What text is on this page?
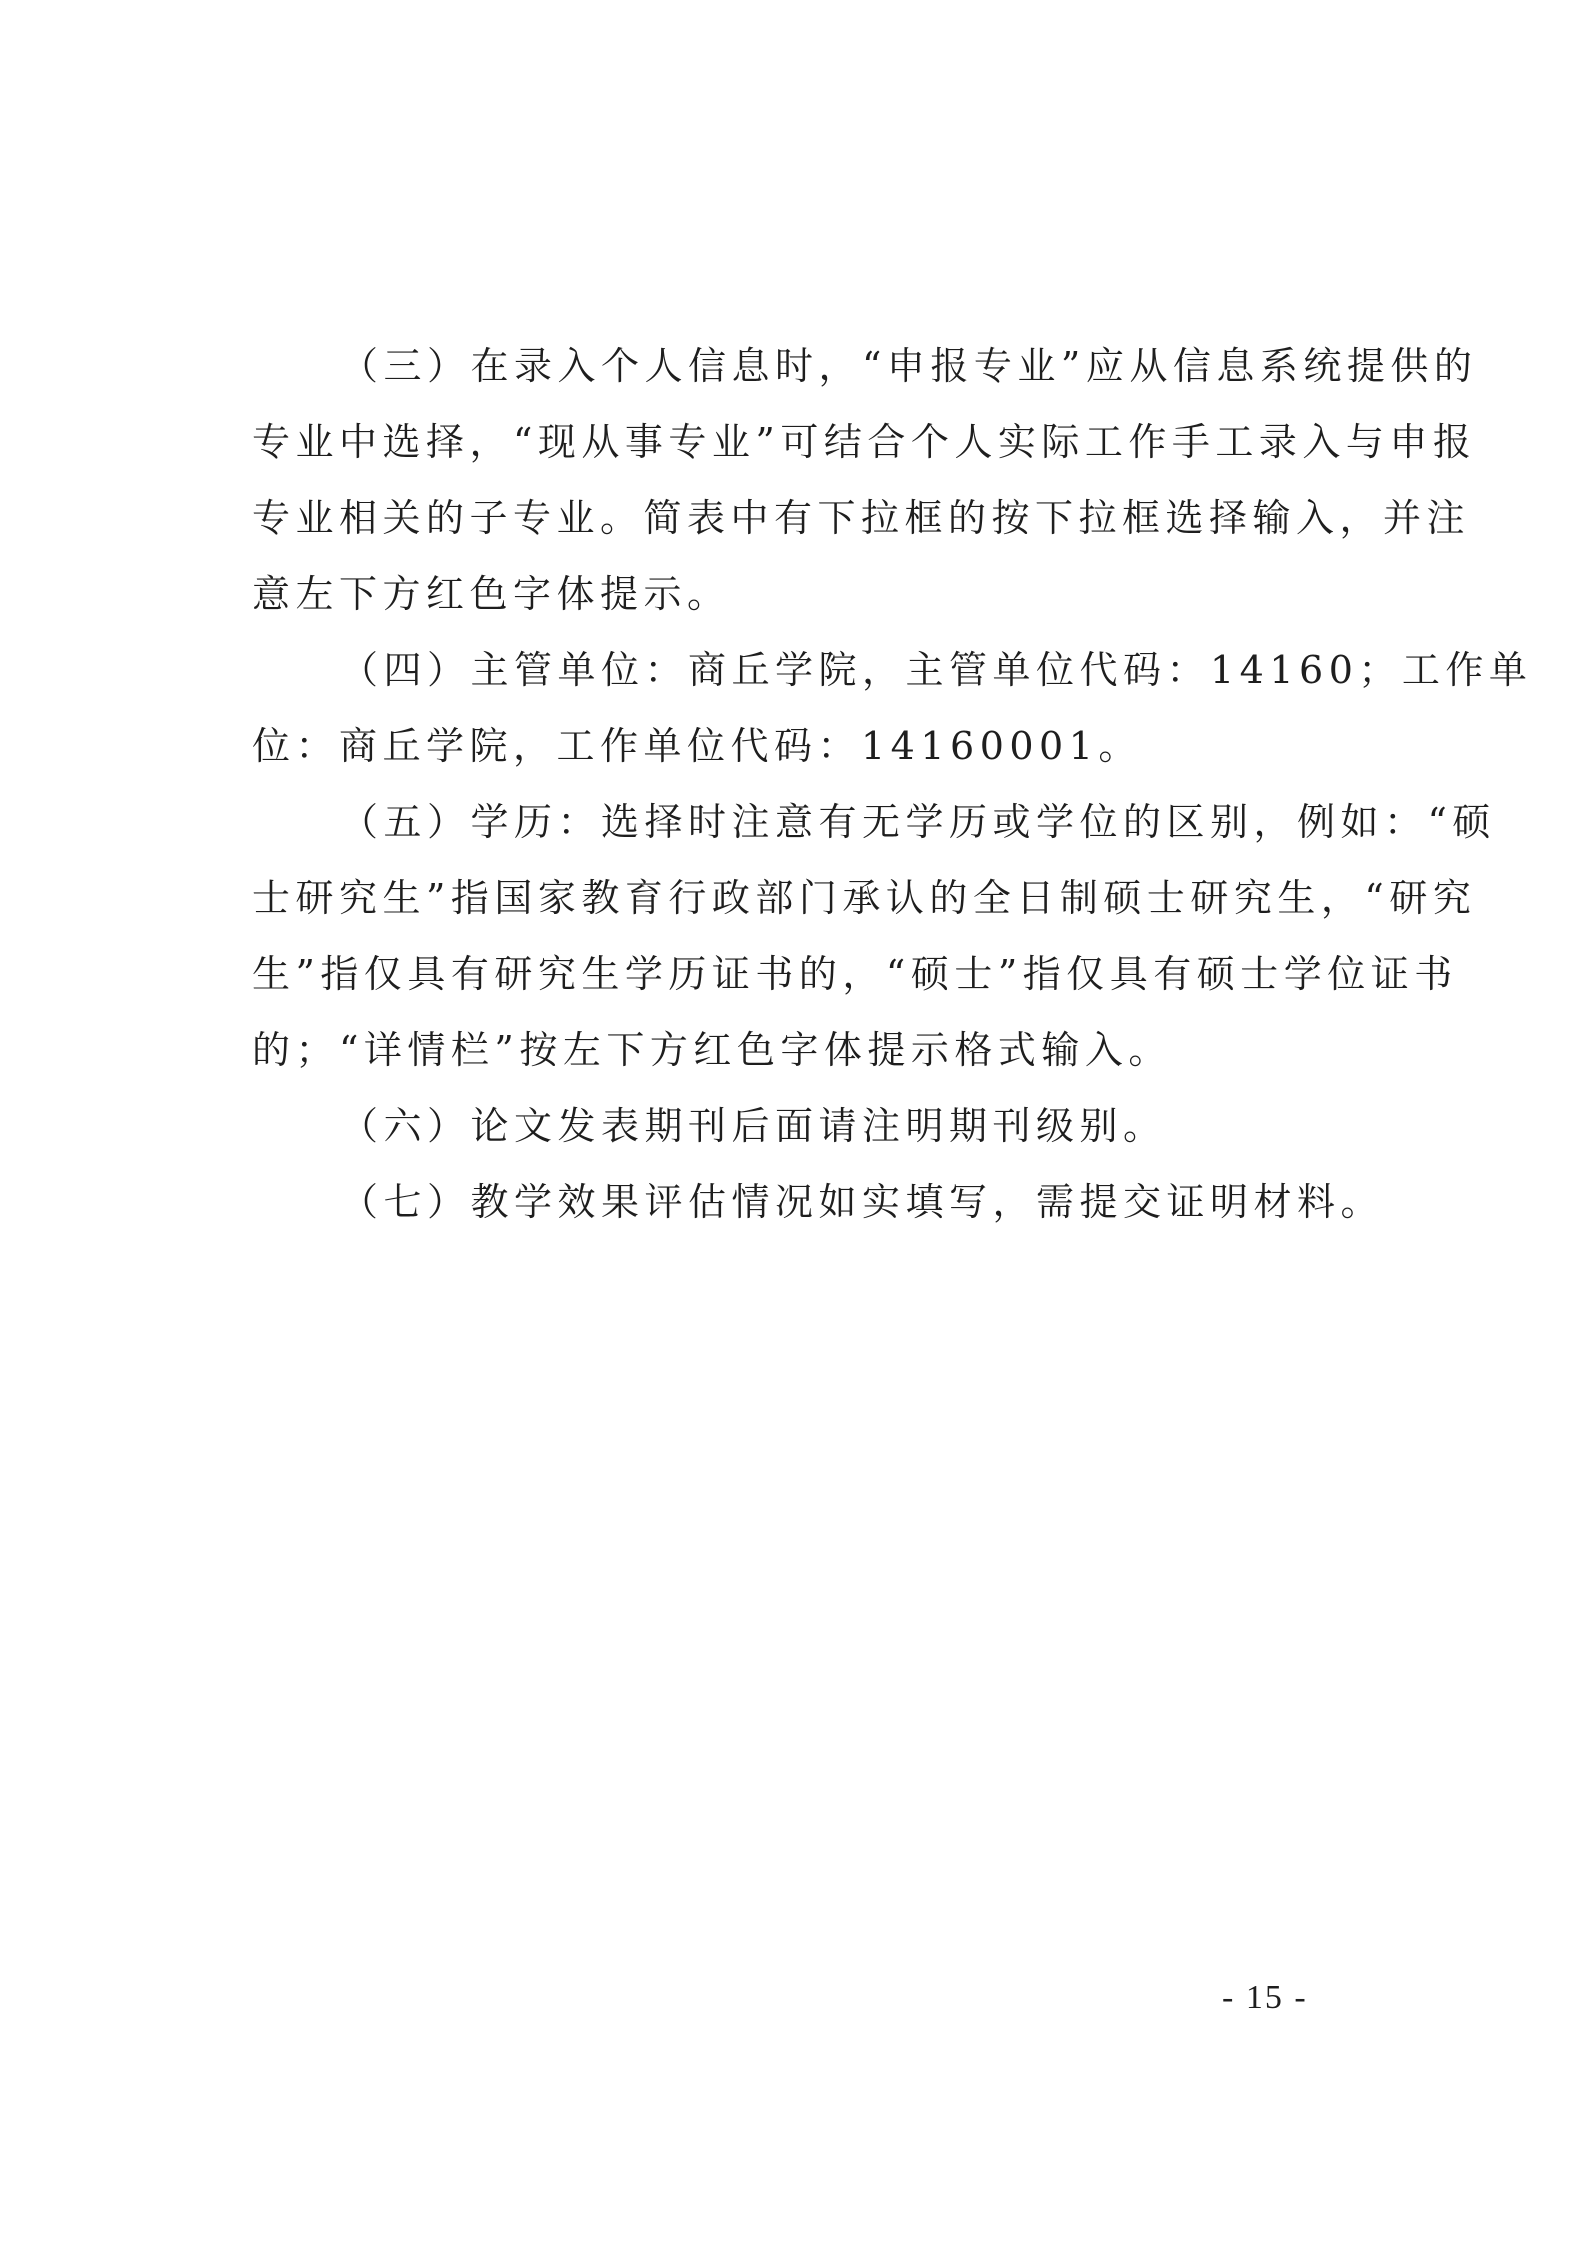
（三）在录入个人信息时，“申报专业”应从信息系统提供的

专业中选择，“现从事专业”可结合个人实际工作手工录入与申报

专业相关的子专业。简表中有下拉框的按下拉框选择输入，并注

意左下方红色字体提示。

（四）主管单位：商丘学院，主管单位代码：14160；工作单

位：商丘学院，工作单位代码：14160001。

（五）学历：选择时注意有无学历或学位的区别，例如：“硕

士研究生”指国家教育行政部门承认的全日制硕士研究生，“研究

生”指仅具有研究生学历证书的，“硕士”指仅具有硕士学位证书

的；“详情栏”按左下方红色字体提示格式输入。

（六）论文发表期刊后面请注明期刊级别。

（七）教学效果评估情况如实填写，需提交证明材料。

- 15 -
